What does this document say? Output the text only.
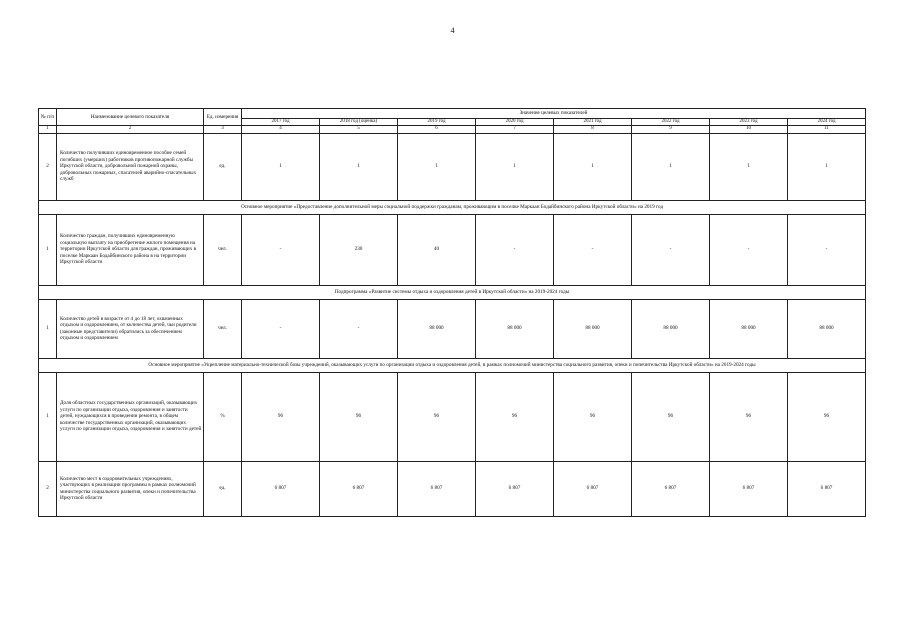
4
№ п/п	Наименование целевого показателя	Ед. измерения	Значение целевых показателей							
			2017 год	2018 год (оценка)	2019 год	2020 год	2021 год	2022 год	2023 год	2024 год
1	2	3	4	5	6	7	8	9	10	11
2	Количество получивших единовременное пособие семей погибших (умерших) работников противопожарной службы Иркутской области, добровольной пожарной охраны, добровольных пожарных, спасателей аварийно-спасательных служб	ед.	1	1	1	1	1	1	1	1
Основное мероприятие «Предоставление дополнительной меры социальной поддержки гражданам, проживающим в поселке Маркаан Бодайбинского района Иркутской области» на 2019 год										
1	Количество граждан, получивших единовременную социальную выплату на приобретение жилого помещения на территории Иркутской области для граждан, проживающих в поселке Маркаан Бодайбинского района в на территории Иркутской области	чел.	-	230	40	-	-	-	-	-
Подпрограмма «Развитие системы отдыха и оздоровления детей в Иркутской области» на 2019-2024 годы										
1	Количество детей в возрасте от 4 до 18 лет, охваченных отдыхом и оздоровлением, от количества детей, чьи родители (законные представители) обратились за обеспечением отдыхом и оздоровлением	чел.	-	-	88 000	88 000	88 000	88 000	88 000	88 000
Основное мероприятие «Укрепление материально-технической базы учреждений, оказывающих услуги по организации отдыха и оздоровления детей, в рамках полномочий министерства социального развития, опеки и попечительства Иркутской области» на 2019-2024 годы										
1	Доля областных государственных организаций, оказывающих услуги по организации отдыха, оздоровления и занятости детей, нуждающихся в проведении ремонта, в общем количестве государственных организаций, оказывающих услуги по организации отдыха, оздоровления и занятости детей	%	96	96	96	96	96	96	96	96
2	Количество мест в оздоровительных учреждениях, участвующих в реализации программы в рамках полномочий министерства социального развития, опеки и попечительства Иркутской области	ед.	6 807	6 807	6 807	6 807	6 807	6 807	6 807	6 807
